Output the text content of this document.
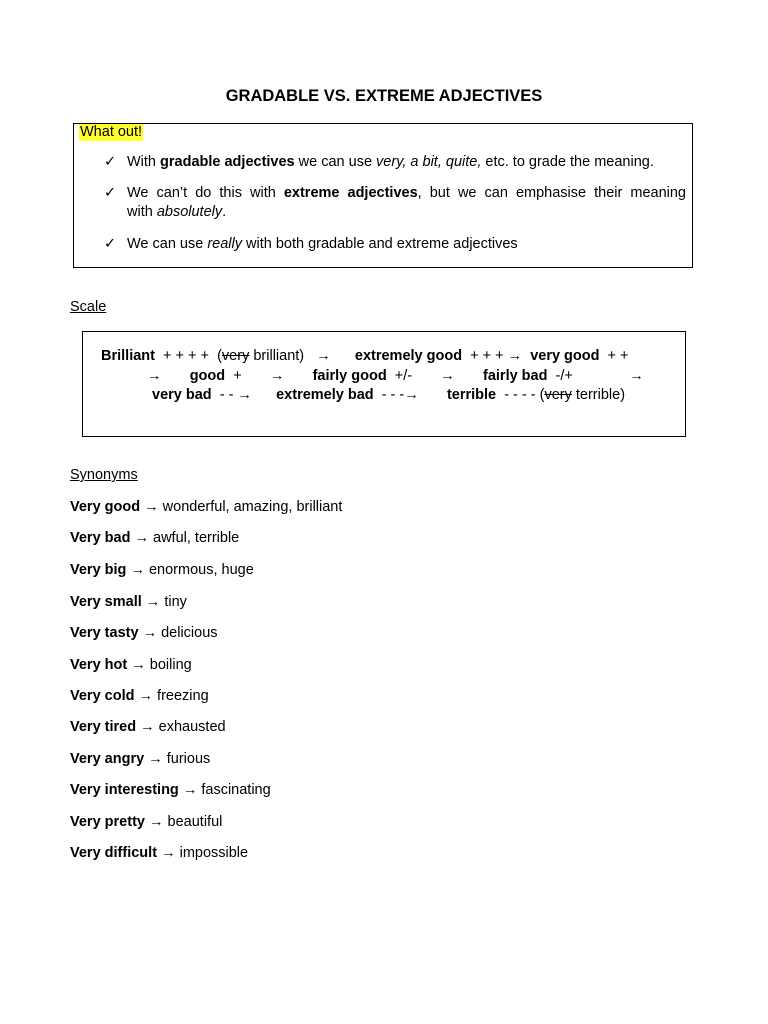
GRADABLE VS. EXTREME ADJECTIVES
What out!
✓ With gradable adjectives we can use very, a bit, quite, etc. to grade the meaning.
✓ We can’t do this with extreme adjectives, but we can emphasise their meaning
with absolutely.
✓ We can use really with both gradable and extreme adjectives
Scale
Brilliant + + + + (very brilliant) → extremely good + + + → very good + +
→ good + → fairly good +/- → fairly bad -/+	→
very bad - - → extremely bad - - -→ terrible - - - - (very terrible)
Synonyms
Very good → wonderful, amazing, brilliant
Very bad → awful, terrible
Very big → enormous, huge
Very small → tiny
Very tasty → delicious
Very hot → boiling
Very cold → freezing
Very tired → exhausted
Very angry → furious
Very interesting → fascinating
Very pretty → beautiful
Very difficult → impossible
